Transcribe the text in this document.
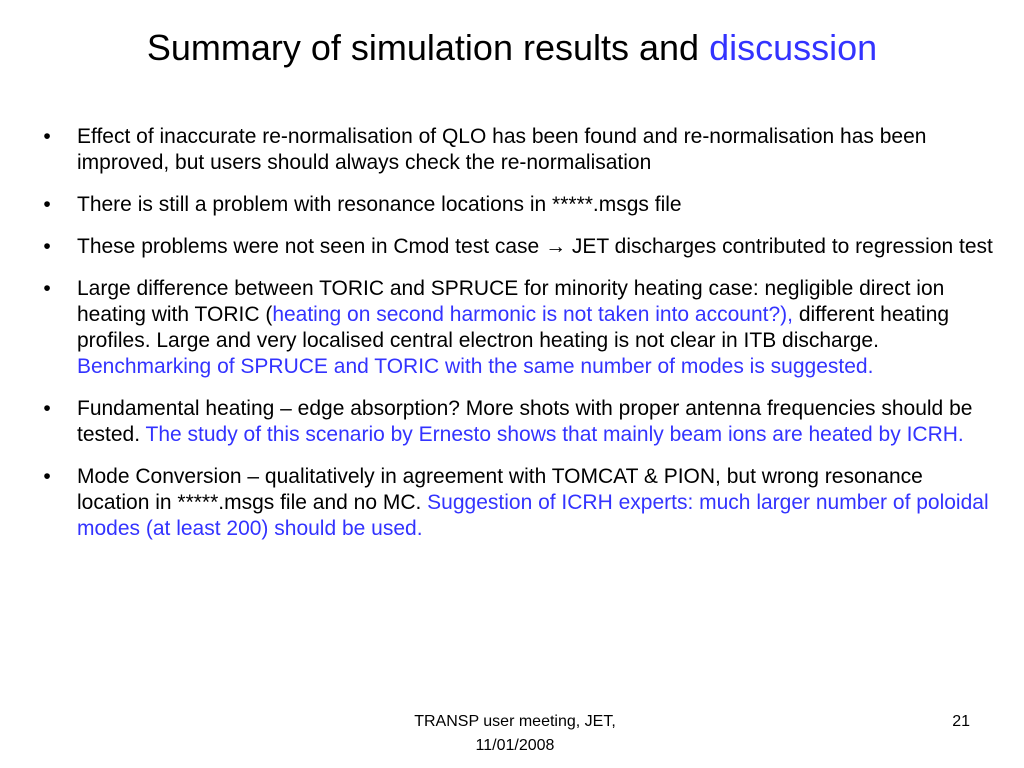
Summary of simulation results and discussion
• Effect of inaccurate re-normalisation of QLO has been found and re-normalisation has been improved, but users should always check the re-normalisation
• There is still a problem with resonance locations in *****.msgs file
• These problems were not seen in Cmod test case → JET discharges contributed to regression test
• Large difference between TORIC and SPRUCE for minority heating case: negligible direct ion heating with TORIC (heating on second harmonic is not taken into account?), different heating profiles. Large and very localised central electron heating is not clear in ITB discharge. Benchmarking of SPRUCE and TORIC with the same number of modes is suggested.
• Fundamental heating – edge absorption? More shots with proper antenna frequencies should be tested. The study of this scenario by Ernesto shows that mainly beam ions are heated by ICRH.
• Mode Conversion – qualitatively in agreement with TOMCAT & PION, but wrong resonance location in *****.msgs file and no MC. Suggestion of ICRH experts: much larger number of poloidal modes (at least 200) should be used.
TRANSP user meeting, JET,
11/01/2008
21
